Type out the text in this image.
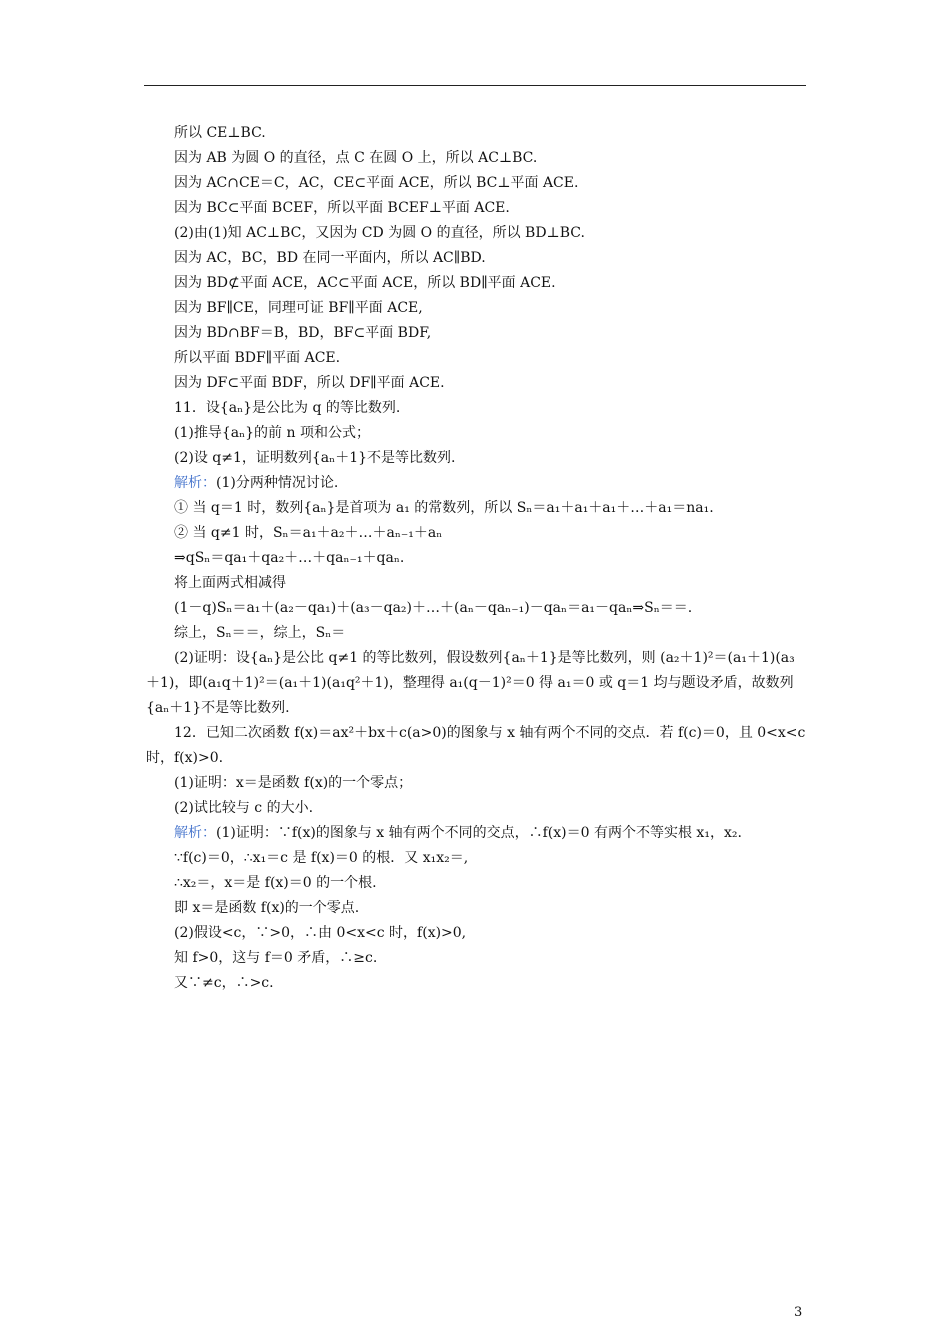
所以 CE⊥BC.
因为 AB 为圆 O 的直径，点 C 在圆 O 上，所以 AC⊥BC.
因为 AC∩CE＝C，AC，CE⊂平面 ACE，所以 BC⊥平面 ACE.
因为 BC⊂平面 BCEF，所以平面 BCEF⊥平面 ACE.
(2)由(1)知 AC⊥BC，又因为 CD 为圆 O 的直径，所以 BD⊥BC.
因为 AC，BC，BD 在同一平面内，所以 AC∥BD.
因为 BD⊄平面 ACE，AC⊂平面 ACE，所以 BD∥平面 ACE.
因为 BF∥CE，同理可证 BF∥平面 ACE,
因为 BD∩BF＝B，BD，BF⊂平面 BDF,
所以平面 BDF∥平面 ACE.
因为 DF⊂平面 BDF，所以 DF∥平面 ACE.
11．设{aₙ}是公比为 q 的等比数列.
(1)推导{aₙ}的前 n 项和公式；
(2)设 q≠1，证明数列{aₙ＋1}不是等比数列.
解析：(1)分两种情况讨论.
① 当 q＝1 时，数列{aₙ}是首项为 a₁ 的常数列，所以 Sₙ＝a₁＋a₁＋a₁＋…＋a₁＝na₁.
② 当 q≠1 时，Sₙ＝a₁＋a₂＋…＋aₙ₋₁＋aₙ
⇒qSₙ＝qa₁＋qa₂＋…＋qaₙ₋₁＋qaₙ.
将上面两式相减得
(1－q)Sₙ＝a₁＋(a₂－qa₁)＋(a₃－qa₂)＋…＋(aₙ－qaₙ₋₁)－qaₙ＝a₁－qaₙ⇒Sₙ＝＝.
综上，Sₙ＝＝，综上，Sₙ＝
(2)证明：设{aₙ}是公比 q≠1 的等比数列，假设数列{aₙ＋1}是等比数列，则 (a₂＋1)²＝(a₁＋1)(a₃＋1)，即(a₁q＋1)²＝(a₁＋1)(a₁q²＋1)，整理得 a₁(q－1)²＝0 得 a₁＝0 或 q＝1 均与题设矛盾，故数列{aₙ＋1}不是等比数列.
12．已知二次函数 f(x)＝ax²＋bx＋c(a>0)的图象与 x 轴有两个不同的交点．若 f(c)＝0，且 0<x<c 时，f(x)>0.
(1)证明：x＝是函数 f(x)的一个零点；
(2)试比较与 c 的大小.
解析：(1)证明：∵f(x)的图象与 x 轴有两个不同的交点，∴f(x)＝0 有两个不等实根 x₁，x₂.
∵f(c)＝0，∴x₁＝c 是 f(x)＝0 的根．又 x₁x₂＝,
∴x₂＝，x＝是 f(x)＝0 的一个根.
即 x＝是函数 f(x)的一个零点.
(2)假设<c，∵>0，∴由 0<x<c 时，f(x)>0,
知 f>0，这与 f＝0 矛盾，∴≥c.
又∵≠c，∴>c.
3
